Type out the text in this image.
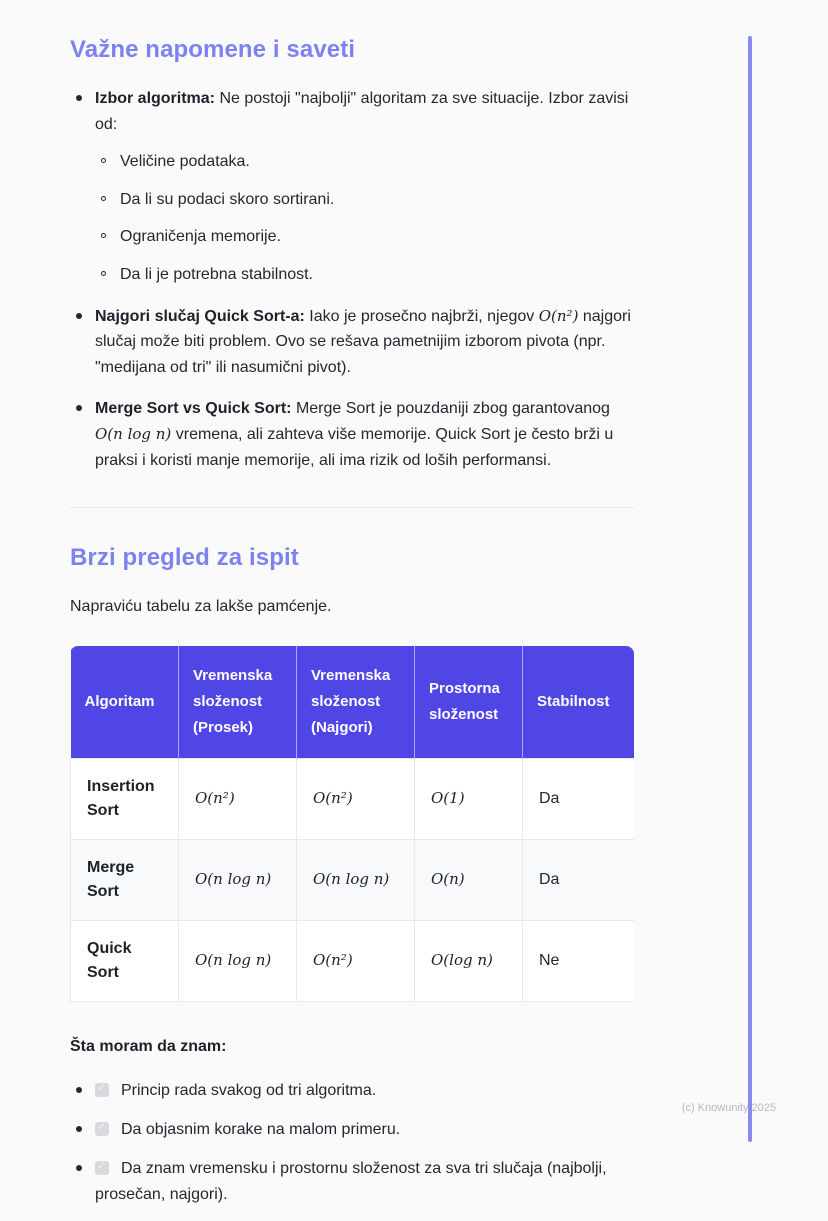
(c) Knowunity 2025
Važne napomene i saveti
Izbor algoritma: Ne postoji "najbolji" algoritam za sve situacije. Izbor zavisi od:
Veličine podataka.
Da li su podaci skoro sortirani.
Ograničenja memorije.
Da li je potrebna stabilnost.
Najgori slučaj Quick Sort-a: Iako je prosečno najbrži, njegov O(n²) najgori slučaj može biti problem. Ovo se rešava pametnijim izborom pivota (npr. "medijana od tri" ili nasumični pivot).
Merge Sort vs Quick Sort: Merge Sort je pouzdaniji zbog garantovanog O(n log n) vremena, ali zahteva više memorije. Quick Sort je često brži u praksi i koristi manje memorije, ali ima rizik od loših performansi.
Brzi pregled za ispit

Napraviću tabelu za lakše pamćenje.

Algoritam	Vremenska složenost (Prosek)	Vremenska složenost (Najgori)	Prostorna složenost	Stabilnost
Insertion Sort	O(n²)	O(n²)	O(1)	Da
Merge Sort	O(n log n)	O(n log n)	O(n)	Da
Quick Sort	O(n log n)	O(n²)	O(log n)	Ne

Šta moram da znam:

✓Princip rada svakog od tri algoritma.
✓Da objasnim korake na malom primeru.
✓Da znam vremensku i prostornu složenost za sva tri slučaja (najbolji, prosečan, najgori).
